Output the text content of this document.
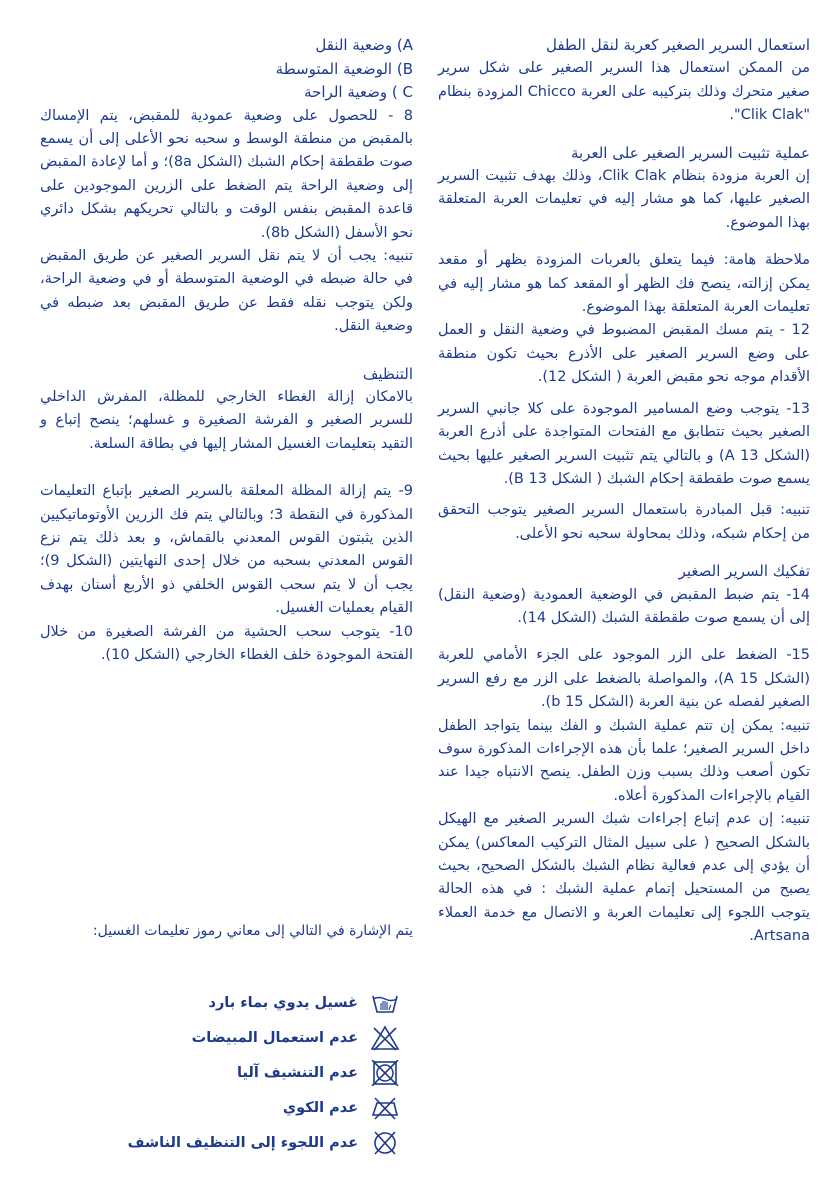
استعمال السرير الصغير كعربة لنقل الطفل

من الممكن استعمال هذا السرير الصغير على شكل سرير صغير متحرك وذلك بتركيبه على العربة Chicco المزودة بنظام "Clik Clak".

عملية تثبيت السرير الصغير على العربة

إن العربة مزودة بنظام Clik Clak، وذلك بهدف تثبيت السرير الصغير عليها، كما هو مشار إليه في تعليمات العربة المتعلقة بهذا الموضوع.

ملاحظة هامة: فيما يتعلق بالعربات المزودة بظهر أو مقعد يمكن إزالته، ينصح فك الظهر أو المقعد كما هو مشار إليه في تعليمات العربة المتعلقة بهذا الموضوع.

12 - يتم مسك المقبض المضبوط في وضعية النقل و العمل على وضع السرير الصغير على الأذرع بحيث تكون منطقة الأقدام موجه نحو مقبض العربة ( الشكل 12).

13- يتوجب وضع المسامير الموجودة على كلا جانبي السرير الصغير بحيث تتطابق مع الفتحات المتواجدة على أذرع العربة (الشكل 13 A) و بالتالي يتم تثبيت السرير الصغير عليها بحيث يسمع صوت طقطقة إحكام الشبك ( الشكل 13 B).

تنبيه: قبل المبادرة باستعمال السرير الصغير يتوجب التحقق من إحكام شبكه، وذلك بمحاولة سحبه نحو الأعلى.

تفكيك السرير الصغير

14- يتم ضبط المقبض في الوضعية العمودية (وضعية النقل) إلى أن يسمع صوت طقطقة الشبك (الشكل 14).

15- الضغط على الزر الموجود على الجزء الأمامي للعربة (الشكل 15 A)، والمواصلة بالضغط على الزر مع رفع السرير الصغير لفصله عن بنية العربة (الشكل 15 b).

تنبيه: يمكن إن تتم عملية الشبك و الفك بينما يتواجد الطفل داخل السرير الصغير؛ علما بأن هذه الإجراءات المذكورة سوف تكون أصعب وذلك بسبب وزن الطفل. ينصح الانتباه جيدا عند القيام بالإجراءات المذكورة أعلاه.

تنبيه: إن عدم إتباع إجراءات شبك السرير الصغير مع الهيكل بالشكل الصحيح ( على سبيل المثال التركيب المعاكس) يمكن أن يؤدي إلى عدم فعالية نظام الشبك بالشكل الصحيح، بحيث يصبح من المستحيل إتمام عملية الشبك : في هذه الحالة يتوجب اللجوء إلى تعليمات العربة و الاتصال مع خدمة العملاء Artsana.

A) وضعية النقل
B) الوضعية المتوسطة
C ) وضعية الراحة

8 - للحصول على وضعية عمودية للمقبض، يتم الإمساك بالمقبض من منطقة الوسط و سحبه نحو الأعلى إلى أن يسمع صوت طقطقة إحكام الشبك (الشكل 8a)؛ و أما لإعادة المقبض إلى وضعية الراحة يتم الضغط على الزرين الموجودين على قاعدة المقبض بنفس الوقت و بالتالي تحريكهم بشكل دائري نحو الأسفل (الشكل 8b).

تنبيه: يجب أن لا يتم نقل السرير الصغير عن طريق المقبض في حالة ضبطه في الوضعية المتوسطة أو في وضعية الراحة، ولكن يتوجب نقله فقط عن طريق المقبض بعد ضبطه في وضعية النقل.

التنظيف

بالامكان إزالة الغطاء الخارجي للمظلة، المفرش الداخلي للسرير الصغير و الفرشة الصغيرة و غسلهم؛ ينصح إتباع و التقيد بتعليمات الغسيل المشار إليها في بطاقة السلعة.

9- يتم إزالة المظلة المعلقة بالسرير الصغير بإتباع التعليمات المذكورة في النقطة 3؛ وبالتالي يتم فك الزرين الأوتوماتيكيين الذين يثبتون القوس المعدني بالقماش، و بعد ذلك يتم نزع القوس المعدني بسحبه من خلال إحدى النهايتين (الشكل 9)؛يجب أن لا يتم سحب القوس الخلفي ذو الأربع أسنان بهدف القيام بعمليات الغسيل.

10- يتوجب سحب الحشية من الفرشة الصغيرة من خلال الفتحة الموجودة خلف الغطاء الخارجي (الشكل 10).

يتم الإشارة في التالي إلى معاني رموز تعليمات الغسيل:
غسيل يدوي بماء بارد
عدم استعمال المبيضات
عدم التنشيف آليا
عدم الكوي
عدم اللجوء إلى التنظيف الناشف
